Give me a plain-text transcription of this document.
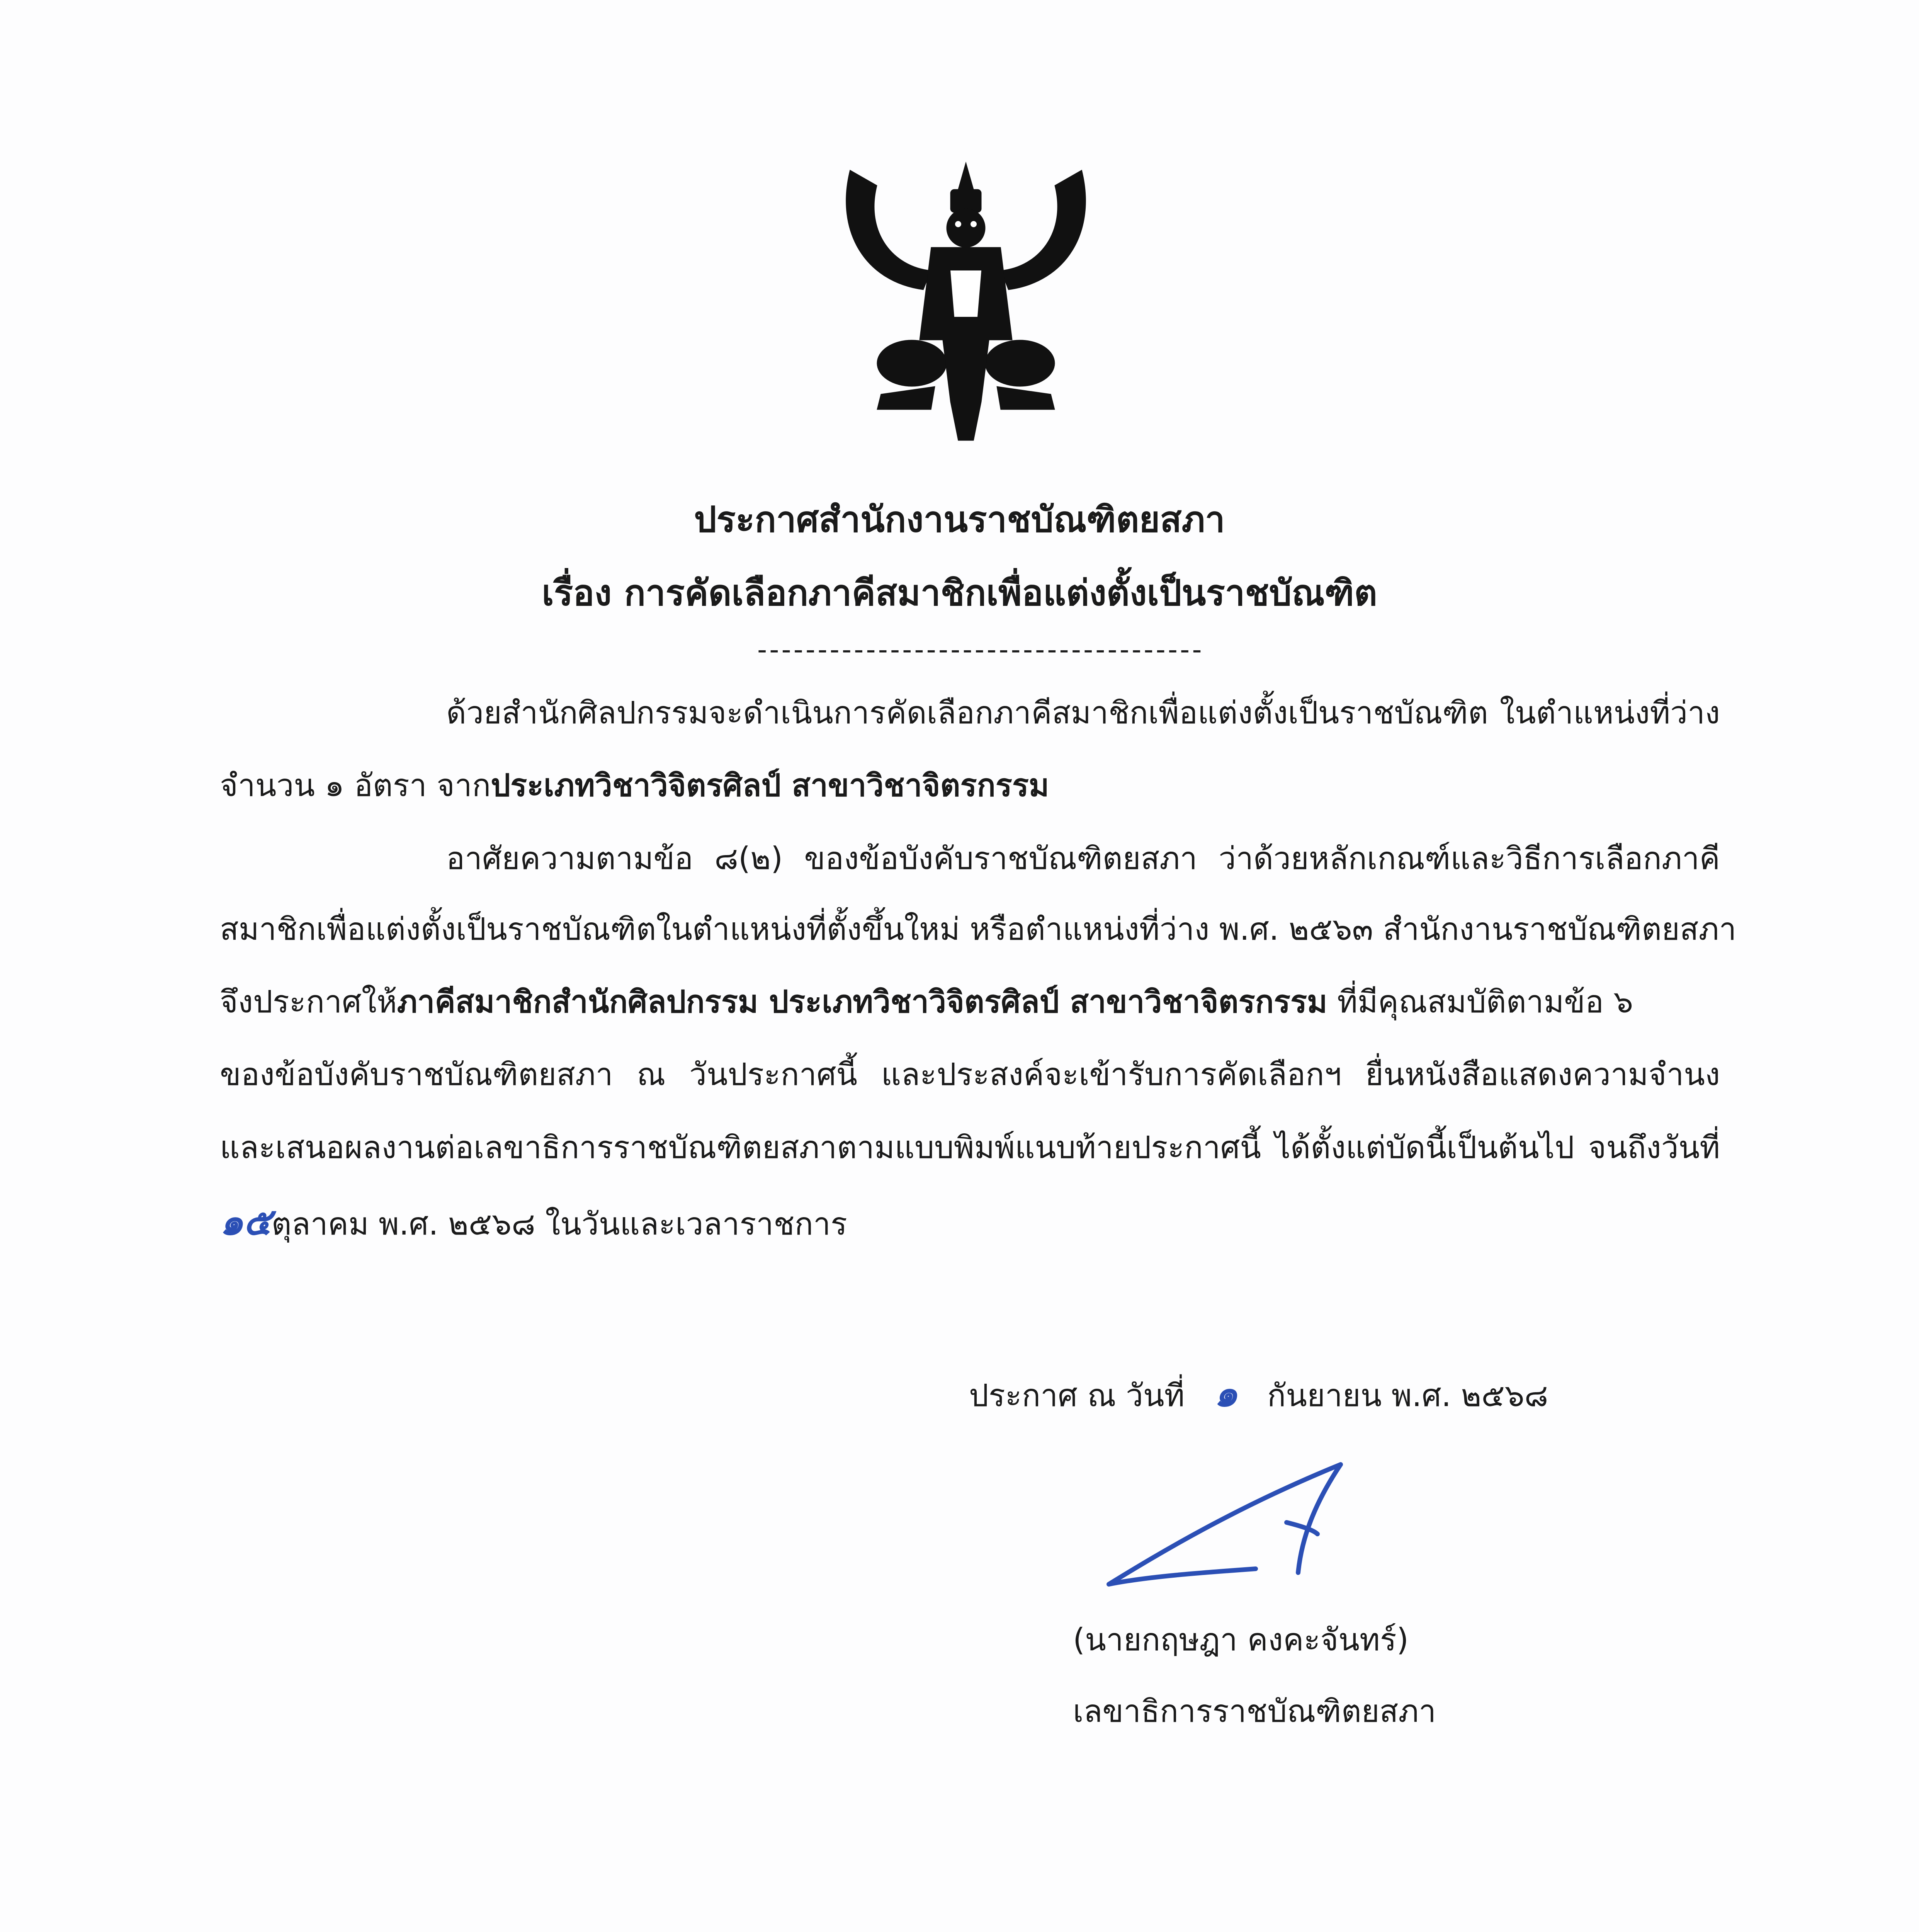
ประกาศสำนักงานราชบัณฑิตยสภา
เรื่อง การคัดเลือกภาคีสมาชิกเพื่อแต่งตั้งเป็นราชบัณฑิต
-------------------------------------
ด้วยสำนักศิลปกรรมจะดำเนินการคัดเลือกภาคีสมาชิกเพื่อแต่งตั้งเป็นราชบัณฑิต ในตำแหน่งที่ว่าง
จำนวน ๑ อัตรา จากประเภทวิชาวิจิตรศิลป์ สาขาวิชาจิตรกรรม
อาศัยความตามข้อ ๘(๒) ของข้อบังคับราชบัณฑิตยสภา ว่าด้วยหลักเกณฑ์และวิธีการเลือกภาคี
สมาชิกเพื่อแต่งตั้งเป็นราชบัณฑิตในตำแหน่งที่ตั้งขึ้นใหม่ หรือตำแหน่งที่ว่าง พ.ศ. ๒๕๖๓ สำนักงานราชบัณฑิตยสภา
จึงประกาศให้ภาคีสมาชิกสำนักศิลปกรรม ประเภทวิชาวิจิตรศิลป์ สาขาวิชาจิตรกรรม ที่มีคุณสมบัติตามข้อ ๖
ของข้อบังคับราชบัณฑิตยสภา ณ วันประกาศนี้ และประสงค์จะเข้ารับการคัดเลือกฯ ยื่นหนังสือแสดงความจำนง
และเสนอผลงานต่อเลขาธิการราชบัณฑิตยสภาตามแบบพิมพ์แนบท้ายประกาศนี้ ได้ตั้งแต่บัดนี้เป็นต้นไป จนถึงวันที่
๑๕ตุลาคม พ.ศ. ๒๕๖๘ ในวันและเวลาราชการ
ประกาศ ณ วันที่ ๑ กันยายน พ.ศ. ๒๕๖๘
(นายกฤษฎา คงคะจันทร์)
เลขาธิการราชบัณฑิตยสภา
